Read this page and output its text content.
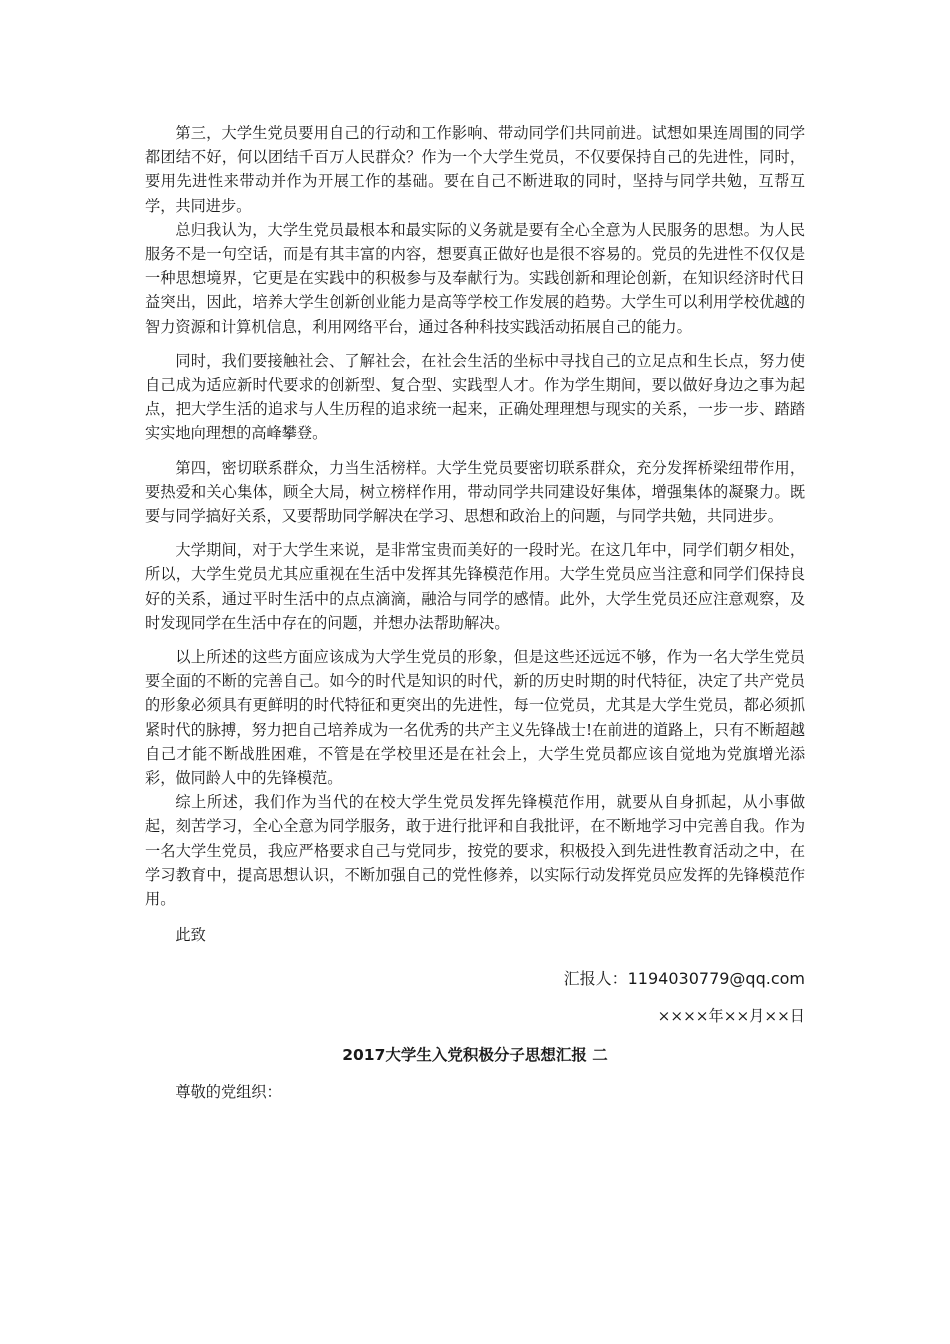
第三，大学生党员要用自己的行动和工作影响、带动同学们共同前进。试想如果连周围的同学都团结不好，何以团结千百万人民群众？作为一个大学生党员，不仅要保持自己的先进性，同时，要用先进性来带动并作为开展工作的基础。要在自己不断进取的同时，坚持与同学共勉，互帮互学，共同进步。

总归我认为，大学生党员最根本和最实际的义务就是要有全心全意为人民服务的思想。为人民服务不是一句空话，而是有其丰富的内容，想要真正做好也是很不容易的。党员的先进性不仅仅是一种思想境界，它更是在实践中的积极参与及奉献行为。实践创新和理论创新，在知识经济时代日益突出，因此，培养大学生创新创业能力是高等学校工作发展的趋势。大学生可以利用学校优越的智力资源和计算机信息，利用网络平台，通过各种科技实践活动拓展自己的能力。

同时，我们要接触社会、了解社会，在社会生活的坐标中寻找自己的立足点和生长点，努力使自己成为适应新时代要求的创新型、复合型、实践型人才。作为学生期间，要以做好身边之事为起点，把大学生活的追求与人生历程的追求统一起来，正确处理理想与现实的关系，一步一步、踏踏实实地向理想的高峰攀登。

第四，密切联系群众，力当生活榜样。大学生党员要密切联系群众，充分发挥桥梁纽带作用，要热爱和关心集体，顾全大局，树立榜样作用，带动同学共同建设好集体，增强集体的凝聚力。既要与同学搞好关系，又要帮助同学解决在学习、思想和政治上的问题，与同学共勉，共同进步。

大学期间，对于大学生来说，是非常宝贵而美好的一段时光。在这几年中，同学们朝夕相处，所以，大学生党员尤其应重视在生活中发挥其先锋模范作用。大学生党员应当注意和同学们保持良好的关系，通过平时生活中的点点滴滴，融洽与同学的感情。此外，大学生党员还应注意观察，及时发现同学在生活中存在的问题，并想办法帮助解决。

以上所述的这些方面应该成为大学生党员的形象，但是这些还远远不够，作为一名大学生党员要全面的不断的完善自己。如今的时代是知识的时代，新的历史时期的时代特征，决定了共产党员的形象必须具有更鲜明的时代特征和更突出的先进性，每一位党员，尤其是大学生党员，都必须抓紧时代的脉搏，努力把自己培养成为一名优秀的共产主义先锋战士!在前进的道路上，只有不断超越自己才能不断战胜困难，不管是在学校里还是在社会上，大学生党员都应该自觉地为党旗增光添彩，做同龄人中的先锋模范。

综上所述，我们作为当代的在校大学生党员发挥先锋模范作用，就要从自身抓起，从小事做起，刻苦学习，全心全意为同学服务，敢于进行批评和自我批评，在不断地学习中完善自我。作为一名大学生党员，我应严格要求自己与党同步，按党的要求，积极投入到先进性教育活动之中，在学习教育中，提高思想认识，不断加强自己的党性修养，以实际行动发挥党员应发挥的先锋模范作用。

此致

汇报人：1194030779@qq.com

××××年××月××日

2017大学生入党积极分子思想汇报 二

尊敬的党组织：
